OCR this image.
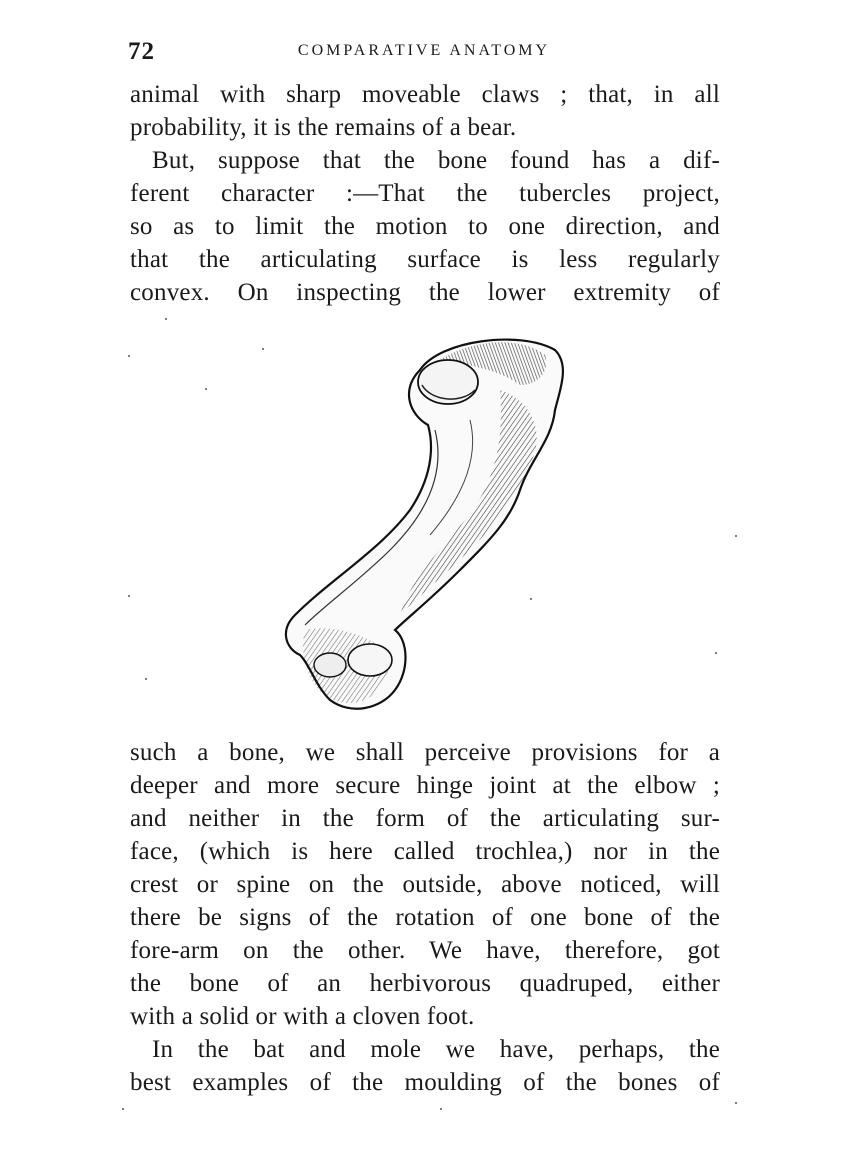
72	COMPARATIVE ANATOMY
animal with sharp moveable claws ; that, in all
probability, it is the remains of a bear.
But, suppose that the bone found has a dif-
ferent character :—That the tubercles project,
so as to limit the motion to one direction, and
that the articulating surface is less regularly
convex. On inspecting the lower extremity of
such a bone, we shall perceive provisions for a
deeper and more secure hinge joint at the elbow ;
and neither in the form of the articulating sur-
face, (which is here called trochlea,) nor in the
crest or spine on the outside, above noticed, will
there be signs of the rotation of one bone of the
fore-arm on the other. We have, therefore, got
the bone of an herbivorous quadruped, either
with a solid or with a cloven foot.
In the bat and mole we have, perhaps, the
best examples of the moulding of the bones of
